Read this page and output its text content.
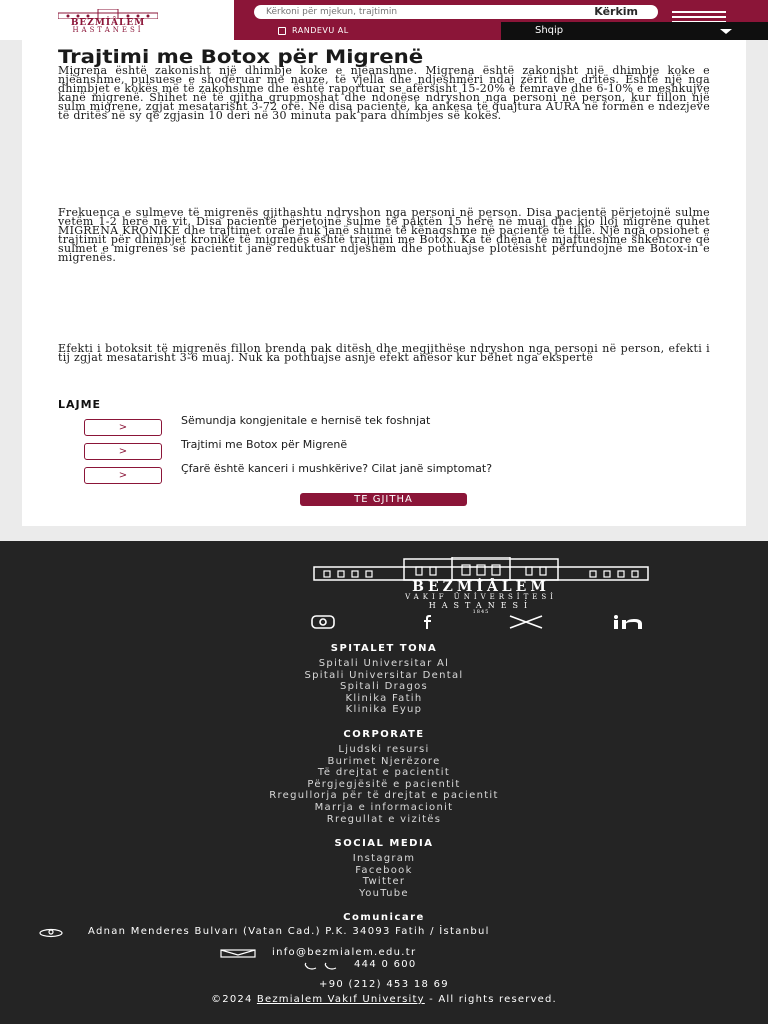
BEZMİÂLEM
HASTANESİ
Kërkoni për mjekun, trajtimin
Kërkim
RANDEVU AL	Shqip
Trajtimi me Botox për Migrenë

Migrena është zakonisht një dhimbje koke e njëanshme. Migrena është zakonisht një dhimbje koke e njëanshme, pulsuese e shoqëruar me nauze, të vjella dhe ndjeshmëri ndaj zërit dhe dritës. Është një nga dhimbjet e kokës më të zakonshme dhe është raportuar se afërsisht 15-20% e femrave dhe 6-10% e meshkujve kanë migrenë. Shihet në të gjitha grupmoshat dhe ndonëse ndryshon nga personi në person, kur fillon një sulm migrene, zgjat mesatarisht 3-72 orë. Në disa pacientë, ka ankesa të quajtura AURA në formën e ndezjeve të dritës në sy që zgjasin 10 deri në 30 minuta pak para dhimbjes së kokës.

Frekuenca e sulmeve të migrenës gjithashtu ndryshon nga personi në person. Disa pacientë përjetojnë sulme vetëm 1-2 herë në vit. Disa pacientë përjetojnë sulme të paktën 15 herë në muaj dhe kjo lloj migrene quhet MIGRENA KRONIKE dhe trajtimet orale nuk janë shumë të kënaqshme në pacientë të tillë. Një nga opsionet e trajtimit për dhimbjet kronike të migrenës është trajtimi me Botox. Ka të dhëna të mjaftueshme shkencore që sulmet e migrenës së pacientit janë reduktuar ndjeshëm dhe pothuajse plotësisht përfundojnë me Botox-in e migrenës.

Efekti i botoksit të migrenës fillon brenda pak ditësh dhe megjithëse ndryshon nga personi në person, efekti i tij zgjat mesatarisht 3-6 muaj. Nuk ka pothuajse asnjë efekt anësor kur bëhet nga ekspertë

LAJME
>
Sëmundja kongjenitale e hernisë tek foshnjat
>
Trajtimi me Botox për Migrenë
>
Çfarë është kanceri i mushkërive? Cilat janë simptomat?
TE GJITHA
BEZMİÂLEM
VAKIF ÜNİVERSİTESİ
HASTANESİ
1845
SPITALET TONA
Spitali Universitar Al
Spitali Universitar Dental
Spitali Dragos
Klinika Fatih
Klinika Eyup
CORPORATE
Ljudski resursi
Burimet Njerëzore
Të drejtat e pacientit
Përgjegjësitë e pacientit
Rregullorja për të drejtat e pacientit
Marrja e informacionit
Rregullat e vizitës
SOCIAL MEDIA
Instagram
Facebook
Twitter
YouTube
Comunicare
Adnan Menderes Bulvarı (Vatan Cad.) P.K. 34093 Fatih / İstanbul
info@bezmialem.edu.tr
444 0 600
+90 (212) 453 18 69
©2024 Bezmialem Vakıf University - All rights reserved.
